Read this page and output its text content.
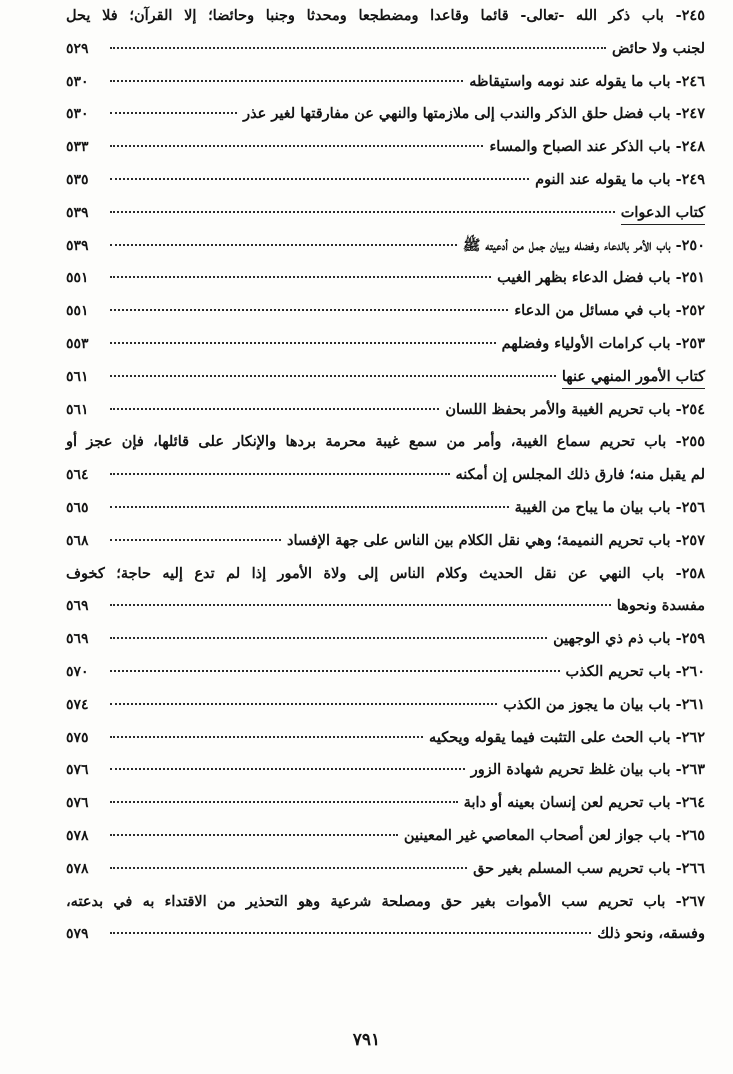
٢٤٥- باب ذكر الله -تعالى- قائما وقاعدا ومضطجعا ومحدثا وجنبا وحائضا؛ إلا القرآن؛ فلا يحل
لجنب ولا حائض
٥٢٩
٢٤٦- باب ما يقوله عند نومه واستيقاظه
٥٣٠
٢٤٧- باب فضل حلق الذكر والندب إلى ملازمتها والنهي عن مفارقتها لغير عذر
٥٣٠
٢٤٨- باب الذكر عند الصباح والمساء
٥٣٣
٢٤٩- باب ما يقوله عند النوم
٥٣٥
كتاب الدعوات
٥٣٩
٢٥٠- باب الأمر بالدعاء وفضله وبيان جمل من أدعيته ﷺ
٥٣٩
٢٥١- باب فضل الدعاء بظهر الغيب
٥٥١
٢٥٢- باب في مسائل من الدعاء
٥٥١
٢٥٣- باب كرامات الأولياء وفضلهم
٥٥٣
كتاب الأمور المنهي عنها
٥٦١
٢٥٤- باب تحريم الغيبة والأمر بحفظ اللسان
٥٦١
٢٥٥- باب تحريم سماع الغيبة، وأمر من سمع غيبة محرمة بردها والإنكار على قائلها، فإن عجز أو
لم يقبل منه؛ فارق ذلك المجلس إن أمكنه
٥٦٤
٢٥٦- باب بيان ما يباح من الغيبة
٥٦٥
٢٥٧- باب تحريم النميمة؛ وهي نقل الكلام بين الناس على جهة الإفساد
٥٦٨
٢٥٨- باب النهي عن نقل الحديث وكلام الناس إلى ولاة الأمور إذا لم تدع إليه حاجة؛ كخوف
مفسدة ونحوها
٥٦٩
٢٥٩- باب ذم ذي الوجهين
٥٦٩
٢٦٠- باب تحريم الكذب
٥٧٠
٢٦١- باب بيان ما يجوز من الكذب
٥٧٤
٢٦٢- باب الحث على التثبت فيما يقوله ويحكيه
٥٧٥
٢٦٣- باب بيان غلظ تحريم شهادة الزور
٥٧٦
٢٦٤- باب تحريم لعن إنسان بعينه أو دابة
٥٧٦
٢٦٥- باب جواز لعن أصحاب المعاصي غير المعينين
٥٧٨
٢٦٦- باب تحريم سب المسلم بغير حق
٥٧٨
٢٦٧- باب تحريم سب الأموات بغير حق ومصلحة شرعية وهو التحذير من الاقتداء به في بدعته،
وفسقه، ونحو ذلك
٥٧٩
٧٩١
